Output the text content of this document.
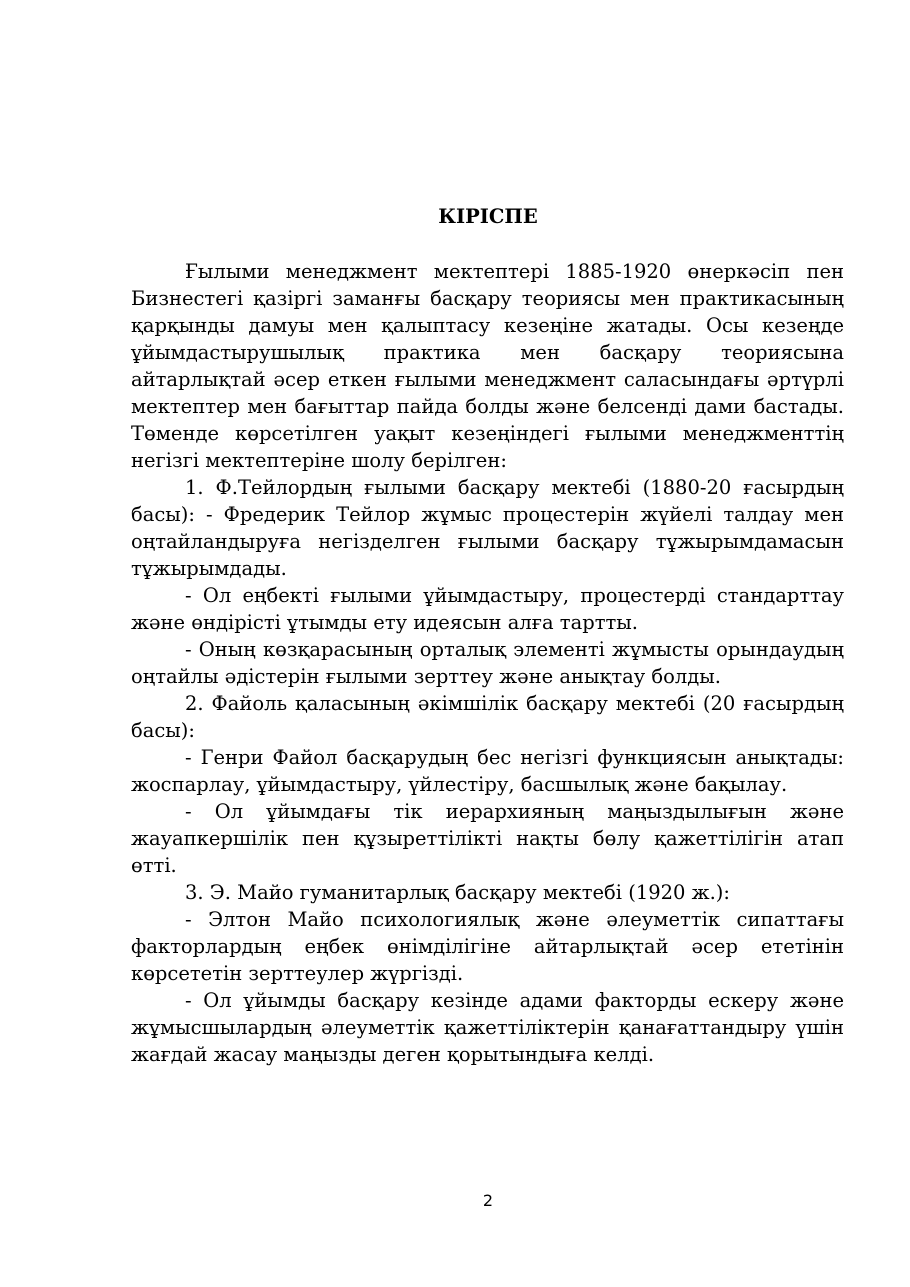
КІРІСПЕ

Ғылыми менеджмент мектептері 1885-1920 өнеркәсіп пен Бизнестегі қазіргі заманғы басқару теориясы мен практикасының қарқынды дамуы мен қалыптасу кезеңіне жатады. Осы кезеңде ұйымдастырушылық практика мен басқару теориясына айтарлықтай әсер еткен ғылыми менеджмент саласындағы әртүрлі мектептер мен бағыттар пайда болды және белсенді дами бастады. Төменде көрсетілген уақыт кезеңіндегі ғылыми менеджменттің негізгі мектептеріне шолу берілген:

1. Ф.Тейлордың ғылыми басқару мектебі (1880-20 ғасырдың басы): - Фредерик Тейлор жұмыс процестерін жүйелі талдау мен оңтайландыруға негізделген ғылыми басқару тұжырымдамасын тұжырымдады.

- Ол еңбекті ғылыми ұйымдастыру, процестерді стандарттау және өндірісті ұтымды ету идеясын алға тартты.

- Оның көзқарасының орталық элементі жұмысты орындаудың оңтайлы әдістерін ғылыми зерттеу және анықтау болды.

2. Файоль қаласының әкімшілік басқару мектебі (20 ғасырдың басы):

- Генри Файол басқарудың бес негізгі функциясын анықтады: жоспарлау, ұйымдастыру, үйлестіру, басшылық және бақылау.

- Ол ұйымдағы тік иерархияның маңыздылығын және жауапкершілік пен құзыреттілікті нақты бөлу қажеттілігін атап өтті.

3. Э. Майо гуманитарлық басқару мектебі (1920 ж.):

- Элтон Майо психологиялық және әлеуметтік сипаттағы факторлардың еңбек өнімділігіне айтарлықтай әсер ететінін көрсететін зерттеулер жүргізді.

- Ол ұйымды басқару кезінде адами факторды ескеру және жұмысшылардың әлеуметтік қажеттіліктерін қанағаттандыру үшін жағдай жасау маңызды деген қорытындыға келді.

2
